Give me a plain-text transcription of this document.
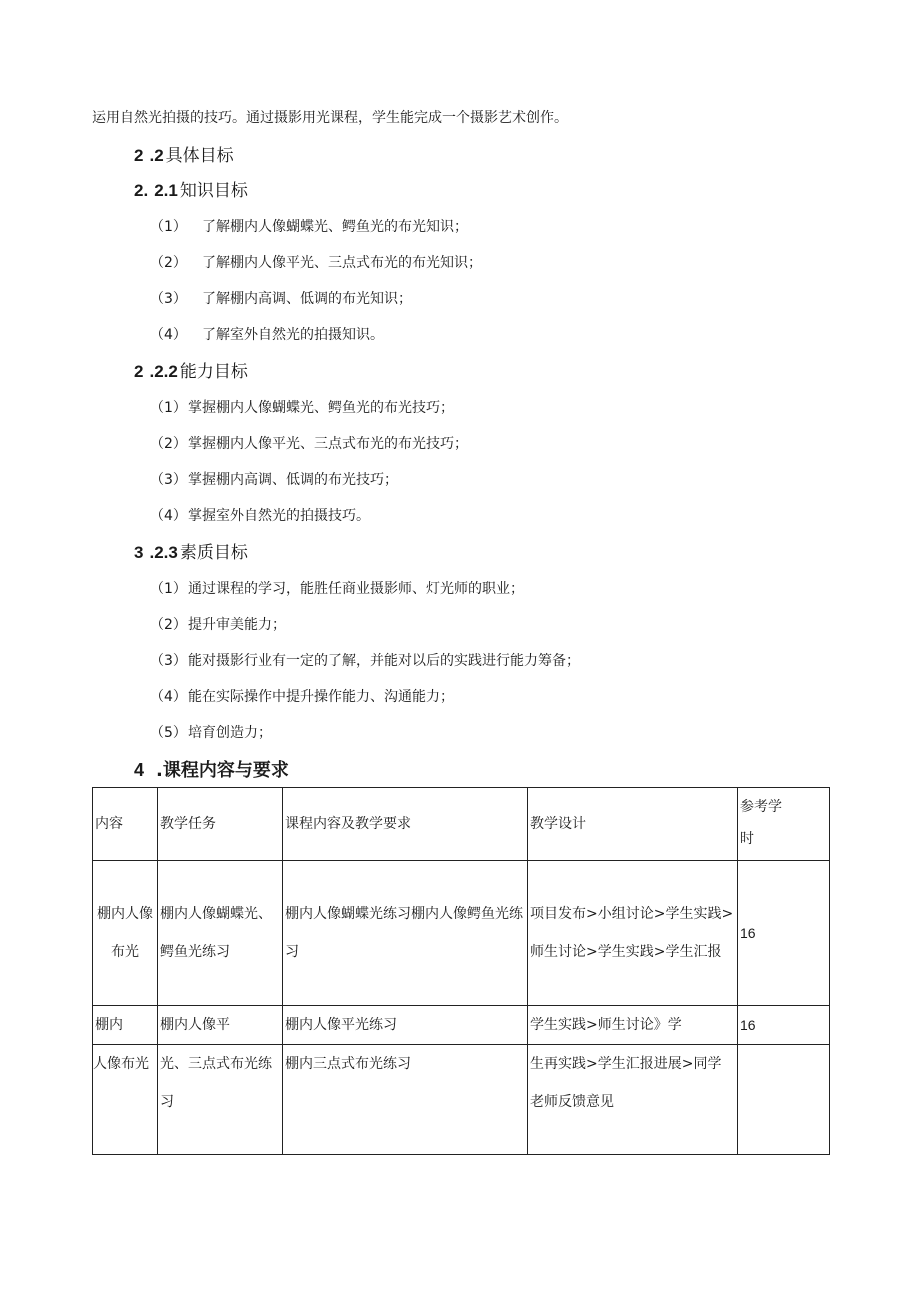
运用自然光拍摄的技巧。通过摄影用光课程，学生能完成一个摄影艺术创作。
2 .2 具体目标
2. 2.1 知识目标
（1） 了解棚内人像蝴蝶光、鳄鱼光的布光知识；
（2） 了解棚内人像平光、三点式布光的布光知识；
（3） 了解棚内高调、低调的布光知识；
（4） 了解室外自然光的拍摄知识。
2 .2.2 能力目标
（1）掌握棚内人像蝴蝶光、鳄鱼光的布光技巧；
（2）掌握棚内人像平光、三点式布光的布光技巧；
（3）掌握棚内高调、低调的布光技巧；
（4）掌握室外自然光的拍摄技巧。
3 .2.3 素质目标
（1）通过课程的学习，能胜任商业摄影师、灯光师的职业；
（2）提升审美能力；
（3）能对摄影行业有一定的了解，并能对以后的实践进行能力筹备；
（4）能在实际操作中提升操作能力、沟通能力；
（5）培育创造力；
4 .课程内容与要求
内容	教学任务	课程内容及教学要求	教学设计	参考学
时

棚内人像
布光	棚内人像蝴蝶光、鳄鱼光练习	棚内人像蝴蝶光练习棚内人像鳄鱼光练习	项目发布>小组讨论>学生实践>师生讨论>学生实践>学生汇报	16
棚内	棚内人像平	棚内人像平光练习	学生实践>师生讨论》学	16
人像布光	光、三点式布光练习	棚内三点式布光练习	生再实践>学生汇报进展>同学老师反馈意见	
